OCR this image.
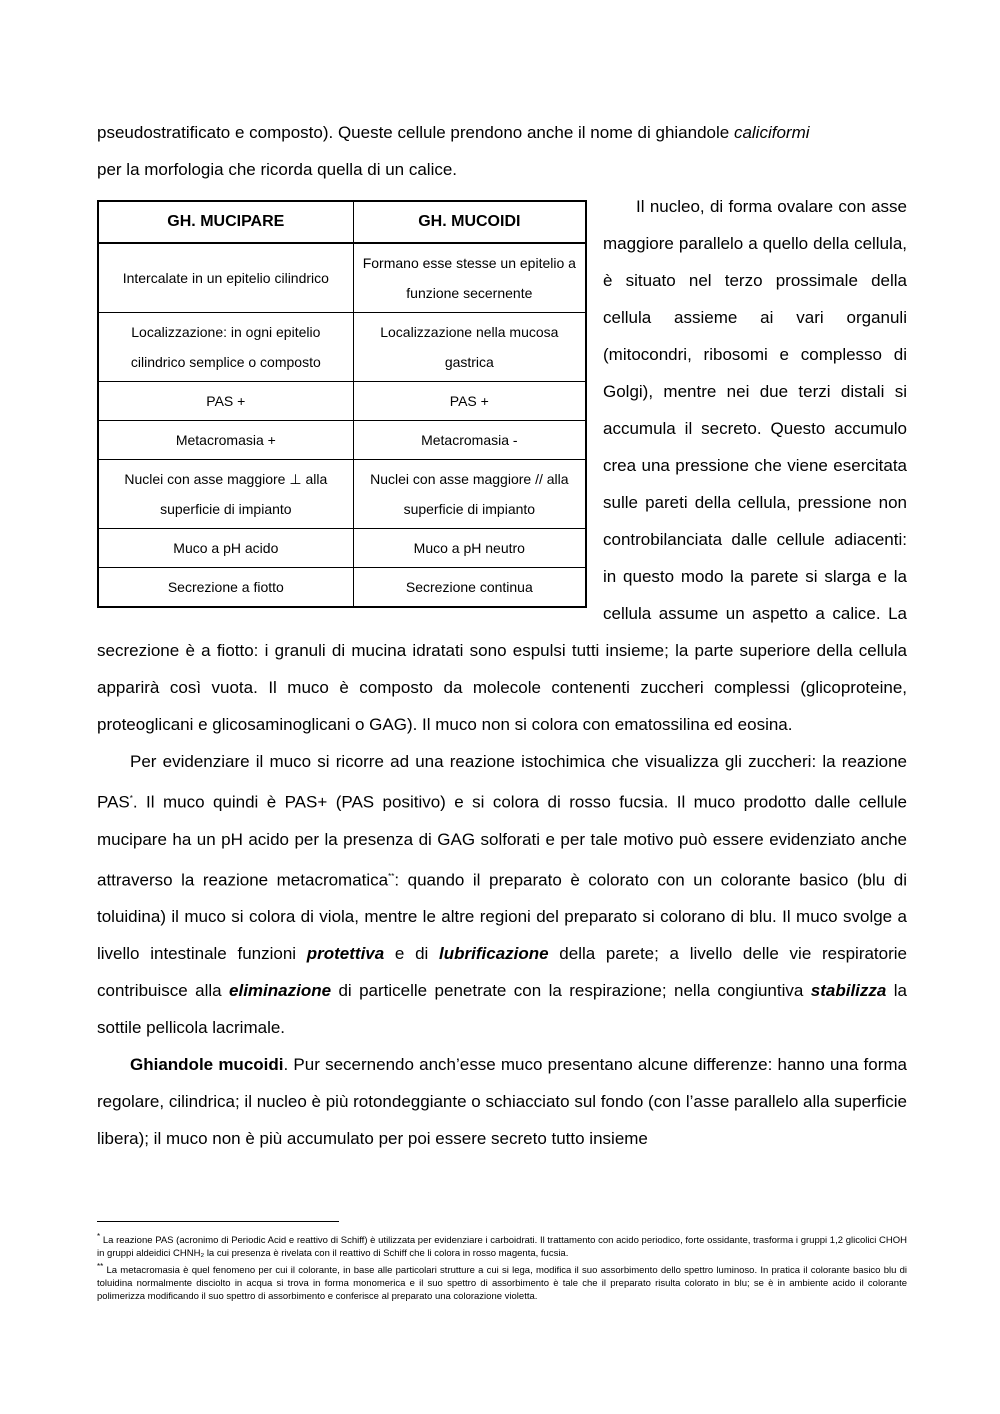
pseudostratificato e composto). Queste cellule prendono anche il nome di ghiandole caliciformi
per la morfologia che ricorda quella di un calice.

GH. MUCIPARE	GH. MUCOIDI
Intercalate in un epitelio cilindrico	Formano esse stesse un epitelio a funzione secernente
Localizzazione: in ogni epitelio cilindrico semplice o composto	Localizzazione nella mucosa gastrica
PAS +	PAS +
Metacromasia +	Metacromasia -
Nuclei con asse maggiore ⊥ alla superficie di impianto	Nuclei con asse maggiore // alla superficie di impianto
Muco a pH acido	Muco a pH neutro
Secrezione a fiotto	Secrezione continua

Il nucleo, di forma ovalare con asse maggiore parallelo a quello della cellula, è situato nel terzo prossimale della cellula assieme ai vari organuli (mitocondri, ribosomi e complesso di Golgi), mentre nei due terzi distali si accumula il secreto. Questo accumulo crea una pressione che viene esercitata sulle pareti della cellula, pressione non controbilanciata dalle cellule adiacenti: in questo modo la parete si slarga e la cellula assume un aspetto a calice. La secrezione è a fiotto: i granuli di mucina idratati sono espulsi tutti insieme; la parte superiore della cellula apparirà così vuota. Il muco è composto da molecole contenenti zuccheri complessi (glicoproteine, proteoglicani e glicosaminoglicani o GAG). Il muco non si colora con ematossilina ed eosina.

Per evidenziare il muco si ricorre ad una reazione istochimica che visualizza gli zuccheri: la reazione PAS*. Il muco quindi è PAS+ (PAS positivo) e si colora di rosso fucsia. Il muco prodotto dalle cellule mucipare ha un pH acido per la presenza di GAG solforati e per tale motivo può essere evidenziato anche attraverso la reazione metacromatica**: quando il preparato è colorato con un colorante basico (blu di toluidina) il muco si colora di viola, mentre le altre regioni del preparato si colorano di blu. Il muco svolge a livello intestinale funzioni protettiva e di lubrificazione della parete; a livello delle vie respiratorie contribuisce alla eliminazione di particelle penetrate con la respirazione; nella congiuntiva stabilizza la sottile pellicola lacrimale.

Ghiandole mucoidi. Pur secernendo anch’esse muco presentano alcune differenze: hanno una forma regolare, cilindrica; il nucleo è più rotondeggiante o schiacciato sul fondo (con l’asse parallelo alla superficie libera); il muco non è più accumulato per poi essere secreto tutto insieme

* La reazione PAS (acronimo di Periodic Acid e reattivo di Schiff) è utilizzata per evidenziare i carboidrati. Il trattamento con acido periodico, forte ossidante, trasforma i gruppi 1,2 glicolici CHOH in gruppi aldeidici CHNH₂ la cui presenza è rivelata con il reattivo di Schiff che li colora in rosso magenta, fucsia.

** La metacromasia è quel fenomeno per cui il colorante, in base alle particolari strutture a cui si lega, modifica il suo assorbimento dello spettro luminoso. In pratica il colorante basico blu di toluidina normalmente disciolto in acqua si trova in forma monomerica e il suo spettro di assorbimento è tale che il preparato risulta colorato in blu; se è in ambiente acido il colorante polimerizza modificando il suo spettro di assorbimento e conferisce al preparato una colorazione violetta.
